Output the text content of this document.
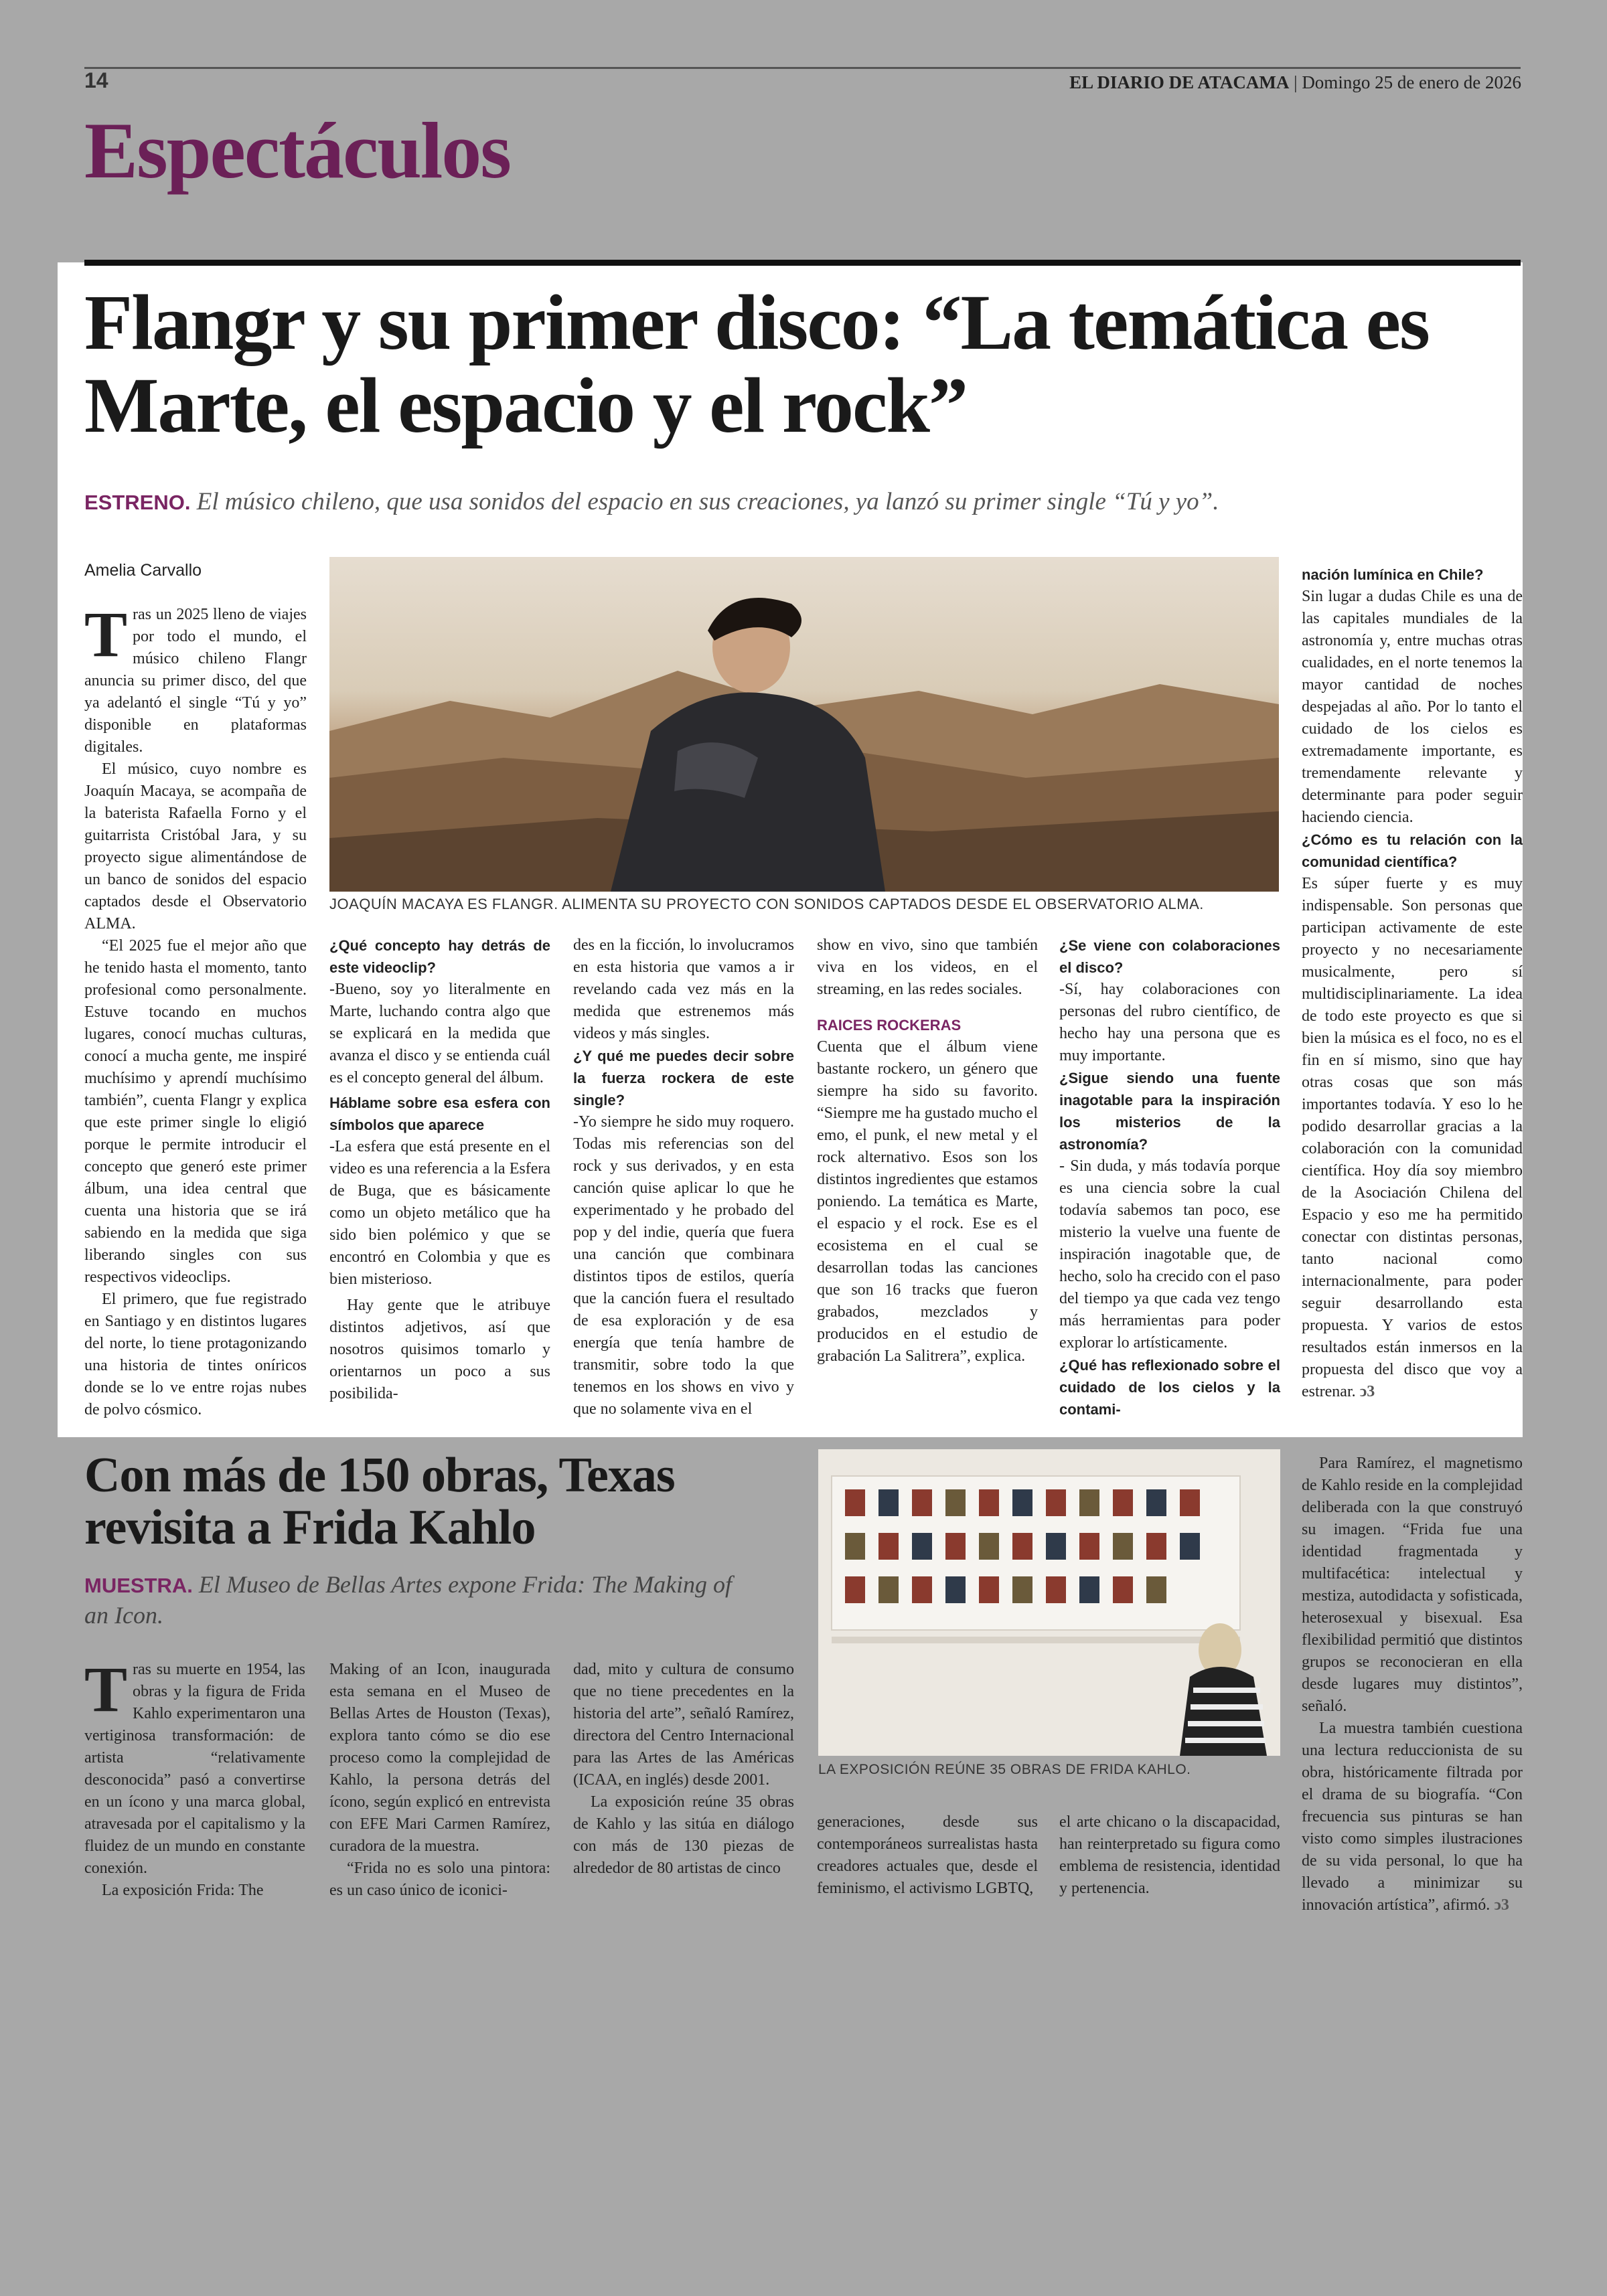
14	EL DIARIO DE ATACAMA | Domingo 25 de enero de 2026
Espectáculos
Flangr y su primer disco: “La temática es Marte, el espacio y el rock”
ESTRENO. El músico chileno, que usa sonidos del espacio en sus creaciones, ya lanzó su primer single “Tú y yo”.
Amelia Carvallo

Tras un 2025 lleno de viajes por todo el mundo, el músico chileno Flangr anuncia su primer disco, del que ya adelantó el single “Tú y yo” disponible en plataformas digitales.

El músico, cuyo nombre es Joaquín Macaya, se acompaña de la baterista Rafaella Forno y el guitarrista Cristóbal Jara, y su proyecto sigue alimentándose de un banco de sonidos del espacio captados desde el Observatorio ALMA.

“El 2025 fue el mejor año que he tenido hasta el momento, tanto profesional como personalmente. Estuve tocando en muchos lugares, conocí muchas culturas, conocí a mucha gente, me inspiré muchísimo y aprendí muchísimo también”, cuenta Flangr y explica que este primer single lo eligió porque le permite introducir el concepto que generó este primer álbum, una idea central que cuenta una historia que se irá sabiendo en la medida que siga liberando singles con sus respectivos videoclips.

El primero, que fue registrado en Santiago y en distintos lugares del norte, lo tiene protagonizando una historia de tintes oníricos donde se lo ve entre rojas nubes de polvo cósmico.

JOAQUÍN MACAYA ES FLANGR. ALIMENTA SU PROYECTO CON SONIDOS CAPTADOS DESDE EL OBSERVATORIO ALMA.

¿Qué concepto hay detrás de este videoclip?

-Bueno, soy yo literalmente en Marte, luchando contra algo que se explicará en la medida que avanza el disco y se entienda cuál es el concepto general del álbum.

Háblame sobre esa esfera con símbolos que aparece

-La esfera que está presente en el video es una referencia a la Esfera de Buga, que es básicamente como un objeto metálico que ha sido bien polémico y que se encontró en Colombia y que es bien misterioso.

Hay gente que le atribuye distintos adjetivos, así que nosotros quisimos tomarlo y orientarnos un poco a sus posibilida-

des en la ficción, lo involucramos en esta historia que vamos a ir revelando cada vez más en la medida que estrenemos más videos y más singles.

¿Y qué me puedes decir sobre la fuerza rockera de este single?

-Yo siempre he sido muy roquero. Todas mis referencias son del rock y sus derivados, y en esta canción quise aplicar lo que he experimentado y he probado del pop y del indie, quería que fuera una canción que combinara distintos tipos de estilos, quería que la canción fuera el resultado de esa exploración y de esa energía que tenía hambre de transmitir, sobre todo la que tenemos en los shows en vivo y que no solamente viva en el

show en vivo, sino que también viva en los videos, en el streaming, en las redes sociales.

RAICES ROCKERAS

Cuenta que el álbum viene bastante rockero, un género que siempre ha sido su favorito. “Siempre me ha gustado mucho el emo, el punk, el new metal y el rock alternativo. Esos son los distintos ingredientes que estamos poniendo. La temática es Marte, el espacio y el rock. Ese es el ecosistema en el cual se desarrollan todas las canciones que son 16 tracks que fueron grabados, mezclados y producidos en el estudio de grabación La Salitrera”, explica.

¿Se viene con colaboraciones el disco?

-Sí, hay colaboraciones con personas del rubro científico, de hecho hay una persona que es muy importante.

¿Sigue siendo una fuente inagotable para la inspiración los misterios de la astronomía?

- Sin duda, y más todavía porque es una ciencia sobre la cual todavía sabemos tan poco, ese misterio la vuelve una fuente de inspiración inagotable que, de hecho, solo ha crecido con el paso del tiempo ya que cada vez tengo más herramientas para poder explorar lo artísticamente.

¿Qué has reflexionado sobre el cuidado de los cielos y la contami-

nación lumínica en Chile?

Sin lugar a dudas Chile es una de las capitales mundiales de la astronomía y, entre muchas otras cualidades, en el norte tenemos la mayor cantidad de noches despejadas al año. Por lo tanto el cuidado de los cielos es extremadamente importante, es tremendamente relevante y determinante para poder seguir haciendo ciencia.

¿Cómo es tu relación con la comunidad científica?

Es súper fuerte y es muy indispensable. Son personas que participan activamente de este proyecto y no necesariamente musicalmente, pero sí multidisciplinariamente. La idea de todo este proyecto es que si bien la música es el foco, no es el fin en sí mismo, sino que hay otras cosas que son más importantes todavía. Y eso lo he podido desarrollar gracias a la colaboración con la comunidad científica. Hoy día soy miembro de la Asociación Chilena del Espacio y eso me ha permitido conectar con distintas personas, tanto nacional como internacionalmente, para poder seguir desarrollando esta propuesta. Y varios de estos resultados están inmersos en la propuesta del disco que voy a estrenar. ↄ3

Con más de 150 obras, Texas revisita a Frida Kahlo
MUESTRA. El Museo de Bellas Artes expone Frida: The Making of an Icon.
LA EXPOSICIÓN REÚNE 35 OBRAS DE FRIDA KAHLO.

Tras su muerte en 1954, las obras y la figura de Frida Kahlo experimentaron una vertiginosa transformación: de artista “relativamente desconocida” pasó a convertirse en un ícono y una marca global, atravesada por el capitalismo y la fluidez de un mundo en constante conexión.

La exposición Frida: The

Making of an Icon, inaugurada esta semana en el Museo de Bellas Artes de Houston (Texas), explora tanto cómo se dio ese proceso como la complejidad de Kahlo, la persona detrás del ícono, según explicó en entrevista con EFE Mari Carmen Ramírez, curadora de la muestra.

“Frida no es solo una pintora: es un caso único de iconici-

dad, mito y cultura de consumo que no tiene precedentes en la historia del arte”, señaló Ramírez, directora del Centro Internacional para las Artes de las Américas (ICAA, en inglés) desde 2001.

La exposición reúne 35 obras de Kahlo y las sitúa en diálogo con más de 130 piezas de alrededor de 80 artistas de cinco

generaciones, desde sus contemporáneos surrealistas hasta creadores actuales que, desde el feminismo, el activismo LGBTQ,

el arte chicano o la discapacidad, han reinterpretado su figura como emblema de resistencia, identidad y pertenencia.

Para Ramírez, el magnetismo de Kahlo reside en la complejidad deliberada con la que construyó su imagen. “Frida fue una identidad fragmentada y multifacética: intelectual y mestiza, autodidacta y sofisticada, heterosexual y bisexual. Esa flexibilidad permitió que distintos grupos se reconocieran en ella desde lugares muy distintos”, señaló.

La muestra también cuestiona una lectura reduccionista de su obra, históricamente filtrada por el drama de su biografía. “Con frecuencia sus pinturas se han visto como simples ilustraciones de su vida personal, lo que ha llevado a minimizar su innovación artística”, afirmó. ↄ3
